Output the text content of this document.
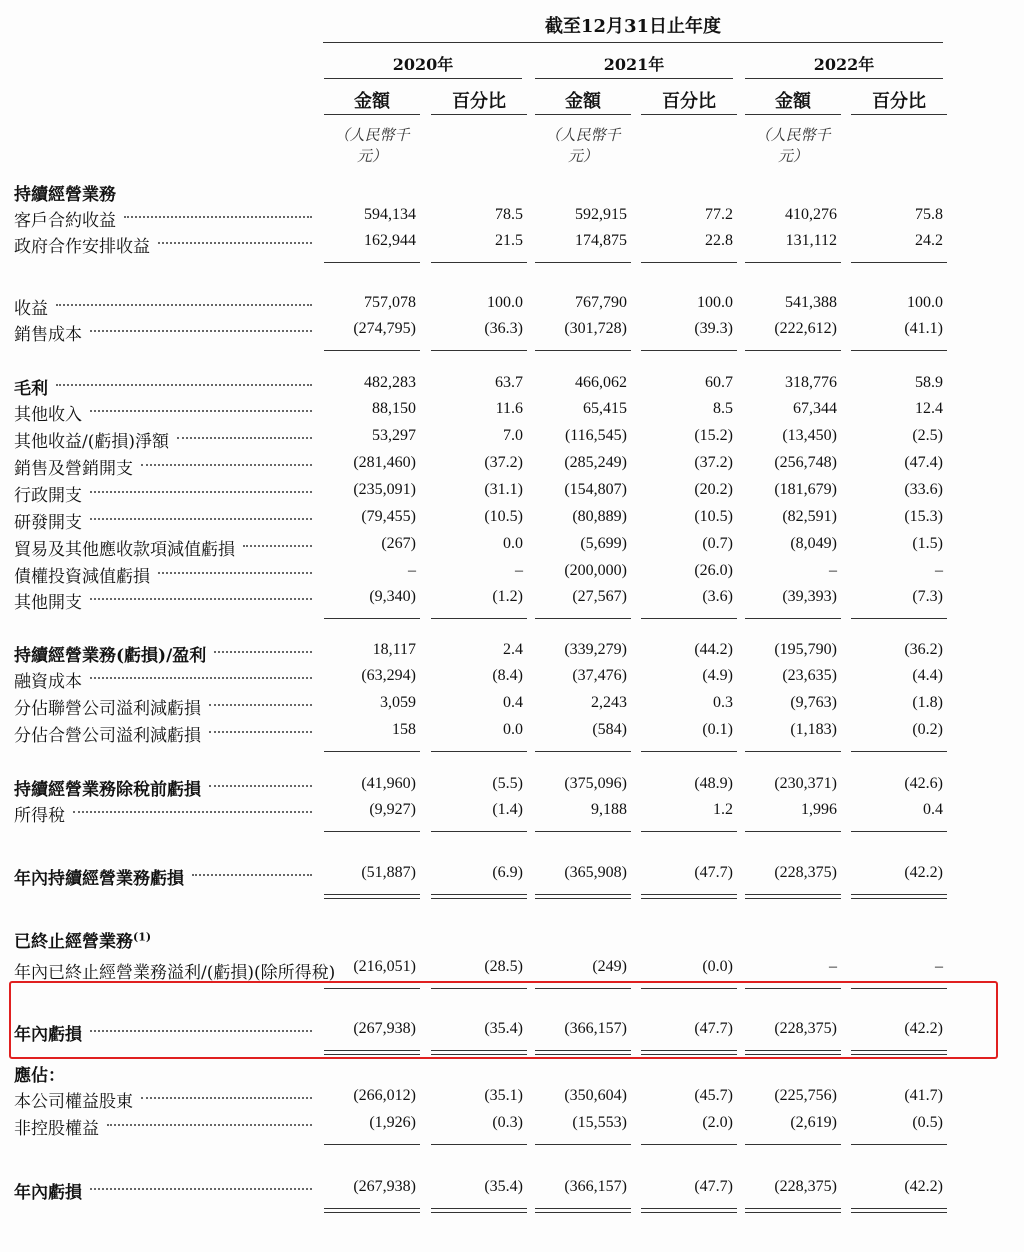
截至12月31日止年度
2020年
金額	百分比
（人民幣千元）
2021年
金額	百分比
（人民幣千元）
2022年
金額	百分比
（人民幣千元）
持續經營業務
客戶合約收益	594,134	78.5	592,915	77.2	410,276	75.8
政府合作安排收益	162,944	21.5	174,875	22.8	131,112	24.2
收益	757,078	100.0	767,790	100.0	541,388	100.0
銷售成本	(274,795)	(36.3)	(301,728)	(39.3)	(222,612)	(41.1)
毛利	482,283	63.7	466,062	60.7	318,776	58.9
其他收入	88,150	11.6	65,415	8.5	67,344	12.4
其他收益/(虧損)淨額	53,297	7.0	(116,545)	(15.2)	(13,450)	(2.5)
銷售及營銷開支	(281,460)	(37.2)	(285,249)	(37.2)	(256,748)	(47.4)
行政開支	(235,091)	(31.1)	(154,807)	(20.2)	(181,679)	(33.6)
研發開支	(79,455)	(10.5)	(80,889)	(10.5)	(82,591)	(15.3)
貿易及其他應收款項減值虧損	(267)	0.0	(5,699)	(0.7)	(8,049)	(1.5)
債權投資減值虧損	–	–	(200,000)	(26.0)	–	–
其他開支	(9,340)	(1.2)	(27,567)	(3.6)	(39,393)	(7.3)
持續經營業務(虧損)/盈利	18,117	2.4	(339,279)	(44.2)	(195,790)	(36.2)
融資成本	(63,294)	(8.4)	(37,476)	(4.9)	(23,635)	(4.4)
分佔聯營公司溢利減虧損	3,059	0.4	2,243	0.3	(9,763)	(1.8)
分佔合營公司溢利減虧損	158	0.0	(584)	(0.1)	(1,183)	(0.2)
持續經營業務除稅前虧損	(41,960)	(5.5)	(375,096)	(48.9)	(230,371)	(42.6)
所得稅	(9,927)	(1.4)	9,188	1.2	1,996	0.4
年內持續經營業務虧損	(51,887)	(6.9)	(365,908)	(47.7)	(228,375)	(42.2)
已終止經營業務$^{(1)}$
年內已終止經營業務溢利/(虧損)(除所得稅)	(216,051)	(28.5)	(249)	(0.0)	–	–
年內虧損	(267,938)	(35.4)	(366,157)	(47.7)	(228,375)	(42.2)
應佔：
本公司權益股東	(266,012)	(35.1)	(350,604)	(45.7)	(225,756)	(41.7)
非控股權益	(1,926)	(0.3)	(15,553)	(2.0)	(2,619)	(0.5)
年內虧損	(267,938)	(35.4)	(366,157)	(47.7)	(228,375)	(42.2)
